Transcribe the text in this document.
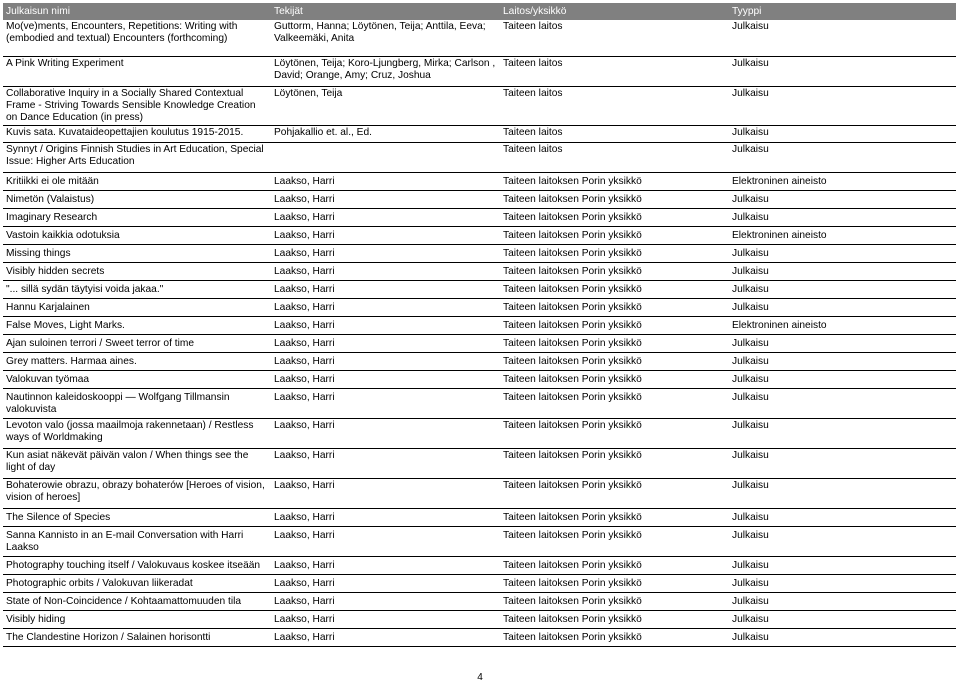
Julkaisun nimi	Tekijät	Laitos/yksikkö	Tyyppi
Mo(ve)ments, Encounters, Repetitions: Writing with (embodied and textual) Encounters (forthcoming)	Guttorm, Hanna; Löytönen, Teija; Anttila, Eeva; Valkeemäki, Anita	Taiteen laitos	Julkaisu
A Pink Writing Experiment	Löytönen, Teija; Koro-Ljungberg, Mirka; Carlson , David; Orange, Amy; Cruz, Joshua	Taiteen laitos	Julkaisu
Collaborative Inquiry in a Socially Shared Contextual Frame - Striving Towards Sensible Knowledge Creation on Dance Education (in press)	Löytönen, Teija	Taiteen laitos	Julkaisu
Kuvis sata. Kuvataideopettajien koulutus 1915-2015.	Pohjakallio et. al., Ed.	Taiteen laitos	Julkaisu
Synnyt / Origins Finnish Studies in Art Education, Special Issue: Higher Arts Education		Taiteen laitos	Julkaisu
Kritiikki ei ole mitään	Laakso, Harri	Taiteen laitoksen Porin yksikkö	Elektroninen aineisto
Nimetön (Valaistus)	Laakso, Harri	Taiteen laitoksen Porin yksikkö	Julkaisu
Imaginary Research	Laakso, Harri	Taiteen laitoksen Porin yksikkö	Julkaisu
Vastoin kaikkia odotuksia	Laakso, Harri	Taiteen laitoksen Porin yksikkö	Elektroninen aineisto
Missing things	Laakso, Harri	Taiteen laitoksen Porin yksikkö	Julkaisu
Visibly hidden secrets	Laakso, Harri	Taiteen laitoksen Porin yksikkö	Julkaisu
"... sillä sydän täytyisi voida jakaa."	Laakso, Harri	Taiteen laitoksen Porin yksikkö	Julkaisu
Hannu Karjalainen	Laakso, Harri	Taiteen laitoksen Porin yksikkö	Julkaisu
False Moves, Light Marks.	Laakso, Harri	Taiteen laitoksen Porin yksikkö	Elektroninen aineisto
Ajan suloinen terrori / Sweet terror of time	Laakso, Harri	Taiteen laitoksen Porin yksikkö	Julkaisu
Grey matters. Harmaa aines.	Laakso, Harri	Taiteen laitoksen Porin yksikkö	Julkaisu
Valokuvan työmaa	Laakso, Harri	Taiteen laitoksen Porin yksikkö	Julkaisu
Nautinnon kaleidoskooppi — Wolfgang Tillmansin valokuvista	Laakso, Harri	Taiteen laitoksen Porin yksikkö	Julkaisu
Levoton valo (jossa maailmoja rakennetaan) / Restless ways of Worldmaking	Laakso, Harri	Taiteen laitoksen Porin yksikkö	Julkaisu
Kun asiat näkevät päivän valon / When things see the light of day	Laakso, Harri	Taiteen laitoksen Porin yksikkö	Julkaisu
Bohaterowie obrazu, obrazy bohaterów [Heroes of vision, vision of heroes]	Laakso, Harri	Taiteen laitoksen Porin yksikkö	Julkaisu
The Silence of Species	Laakso, Harri	Taiteen laitoksen Porin yksikkö	Julkaisu
Sanna Kannisto in an E-mail Conversation with Harri Laakso	Laakso, Harri	Taiteen laitoksen Porin yksikkö	Julkaisu
Photography touching itself / Valokuvaus koskee itseään	Laakso, Harri	Taiteen laitoksen Porin yksikkö	Julkaisu
Photographic orbits / Valokuvan liikeradat	Laakso, Harri	Taiteen laitoksen Porin yksikkö	Julkaisu
State of Non-Coincidence / Kohtaamattomuuden tila	Laakso, Harri	Taiteen laitoksen Porin yksikkö	Julkaisu
Visibly hiding	Laakso, Harri	Taiteen laitoksen Porin yksikkö	Julkaisu
The Clandestine Horizon / Salainen horisontti	Laakso, Harri	Taiteen laitoksen Porin yksikkö	Julkaisu
4
